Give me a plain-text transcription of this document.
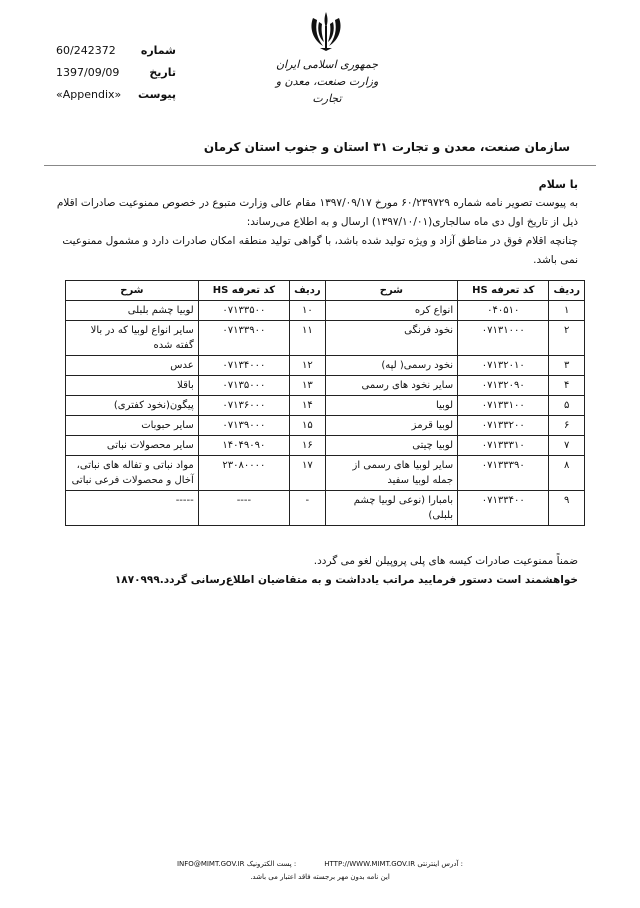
جمهوری اسلامی ایران
وزارت صنعت، معدن و تجارت
60/242372 شماره
1397/09/09	تاریخ
«Appendix» پیوست
سازمان صنعت، معدن و تجارت ۳۱ استان و جنوب استان کرمان
با سلام
به پیوست تصویر نامه شماره ۶۰/۲۳۹۷۲۹ مورخ ۱۳۹۷/۰۹/۱۷ مقام عالی وزارت متبوع در خصوص ممنوعیت صادرات اقلام ذیل از تاریخ اول دی ماه سالجاری(۱۳۹۷/۱۰/۰۱) ارسال و به اطلاع می‌رساند:
چنانچه اقلام فوق در مناطق آزاد و ویژه تولید شده باشد، با گواهی تولید منطقه امکان صادرات دارد و مشمول ممنوعیت نمی باشد.
ردیف	کد تعرفه HS	شرح	ردیف	کد تعرفه HS	شرح
۱	۰۴۰۵۱۰	انواع کره	۱۰	۰۷۱۳۳۵۰۰	لوبیا چشم بلبلی
۲	۰۷۱۳۱۰۰۰	نخود فرنگی	۱۱	۰۷۱۳۳۹۰۰	سایر انواع لوبیا که در بالا گفته شده
۳	۰۷۱۳۲۰۱۰	نخود رسمی( لپه)	۱۲	۰۷۱۳۴۰۰۰	عدس
۴	۰۷۱۳۲۰۹۰	سایر نخود های رسمی	۱۳	۰۷۱۳۵۰۰۰	باقلا
۵	۰۷۱۳۳۱۰۰	لوبیا	۱۴	۰۷۱۳۶۰۰۰	پیگون(نخود کفتری)
۶	۰۷۱۳۳۲۰۰	لوبیا قرمز	۱۵	۰۷۱۳۹۰۰۰	سایر حبوبات
۷	۰۷۱۳۳۳۱۰	لوبیا چیتی	۱۶	۱۴۰۴۹۰۹۰	سایر محصولات نباتی
۸	۰۷۱۳۳۳۹۰	سایر لوبیا های رسمی از جمله لوبیا سفید	۱۷	۲۳۰۸۰۰۰۰	مواد نباتی و تفاله های نباتی، آخال و محصولات فرعی نباتی
۹	۰۷۱۳۳۴۰۰	بامبارا (نوعی لوبیا چشم بلبلی)	-	----	-----
ضمناً ممنوعیت صادرات کیسه های پلی پروپیلن لغو می گردد.
خواهشمند است دستور فرمایید مراتب یادداشت و به متقاضیان اطلاع‌رسانی گردد.۱۸۷۰۹۹۹
INFO@MIMT.GOV.IR پست الکترونیک :	HTTP://WWW.MIMT.GOV.IR آدرس اینترنتی :
این نامه بدون مهر برجسته فاقد اعتبار می باشد.
